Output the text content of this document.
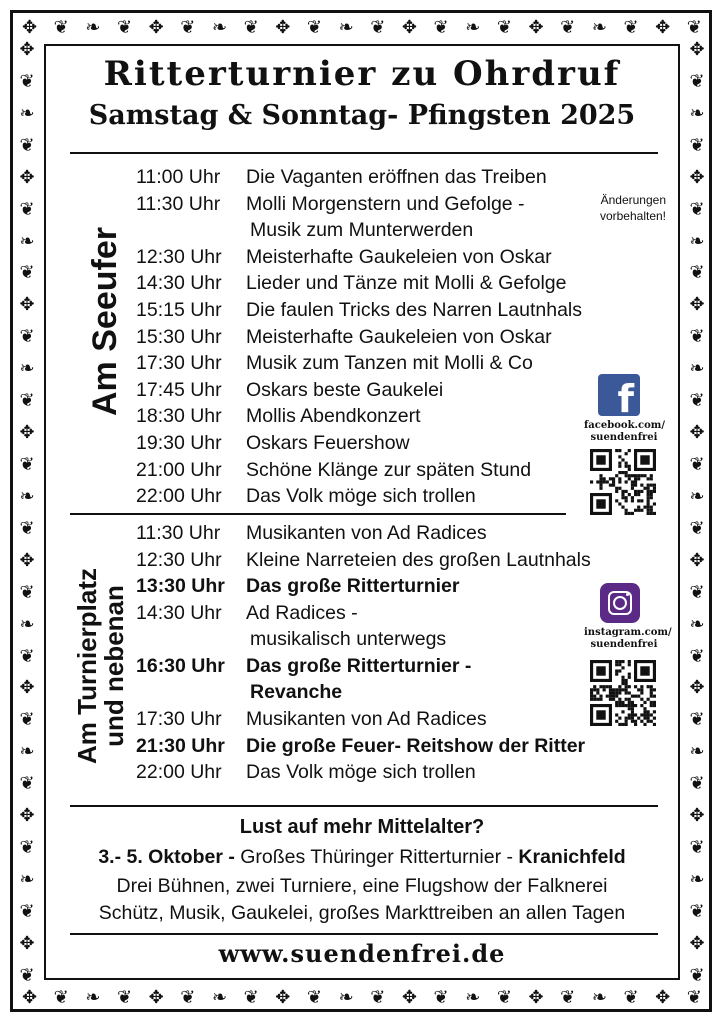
✥ ❦ ❧ ❦ ✥ ❦ ❧ ❦ ✥ ❦ ❧ ❦ ✥ ❦ ❧ ❦ ✥ ❦ ❧ ❦ ✥ ❦
✥ ❦ ❧ ❦ ✥ ❦ ❧ ❦ ✥ ❦ ❧ ❦ ✥ ❦ ❧ ❦ ✥ ❦ ❧ ❦ ✥ ❦
✥
❦
❧
❦
✥
❦
❧
❦
✥
❦
❧
❦
✥
❦
❧
❦
✥
❦
❧
❦
✥
❦
❧
❦
✥
❦
❧
❦
✥
❦
✥
❦
❧
❦
✥
❦
❧
❦
✥
❦
❧
❦
✥
❦
❧
❦
✥
❦
❧
❦
✥
❦
❧
❦
✥
❦
❧
❦
✥
❦
Ritterturnier zu Ohrdruf
Samstag & Sonntag- Pfingsten 2025
Am Seeufer
Am Turnierplatz
und nebenan
11:00 Uhr Die Vaganten eröffnen das Treiben
11:30 Uhr Molli Morgenstern und Gefolge -
Musik zum Munterwerden
12:30 Uhr Meisterhafte Gaukeleien von Oskar
14:30 Uhr Lieder und Tänze mit Molli & Gefolge
15:15 Uhr Die faulen Tricks des Narren Lautnhals
15:30 Uhr Meisterhafte Gaukeleien von Oskar
17:30 Uhr Musik zum Tanzen mit Molli & Co
17:45 Uhr Oskars beste Gaukelei
18:30 Uhr Mollis Abendkonzert
19:30 Uhr Oskars Feuershow
21:00 Uhr Schöne Klänge zur späten Stund
22:00 Uhr Das Volk möge sich trollen
11:30 Uhr Musikanten von Ad Radices
12:30 Uhr Kleine Narreteien des großen Lautnhals
13:30 Uhr Das große Ritterturnier
14:30 Uhr Ad Radices -
musikalisch unterwegs
16:30 Uhr Das große Ritterturnier -
Revanche
17:30 Uhr Musikanten von Ad Radices
21:30 Uhr Die große Feuer- Reitshow der Ritter
22:00 Uhr Das Volk möge sich trollen
Änderungen
vorbehalten!
f
facebook.com/
suendenfrei
instagram.com/
suendenfrei
Lust auf mehr Mittelalter?
3.- 5. Oktober - Großes Thüringer Ritterturnier - Kranichfeld
Drei Bühnen, zwei Turniere, eine Flugshow der Falknerei
Schütz, Musik, Gaukelei, großes Markttreiben an allen Tagen
www.suendenfrei.de
